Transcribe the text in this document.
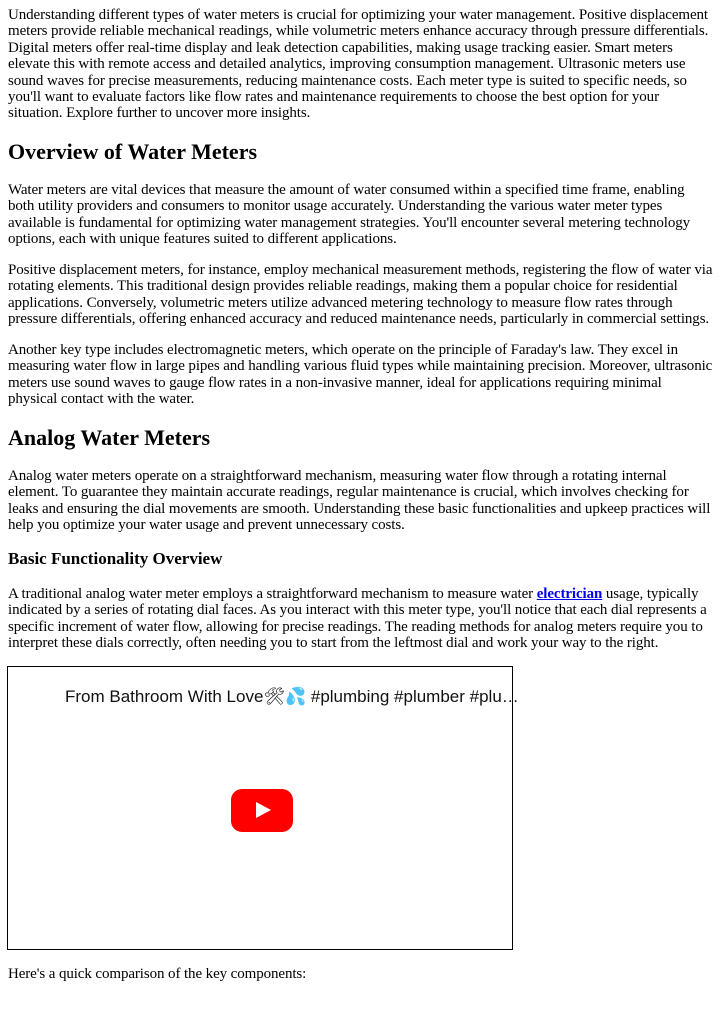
Understanding different types of water meters is crucial for optimizing your water management. Positive displacement meters provide reliable mechanical readings, while volumetric meters enhance accuracy through pressure differentials. Digital meters offer real-time display and leak detection capabilities, making usage tracking easier. Smart meters elevate this with remote access and detailed analytics, improving consumption management. Ultrasonic meters use sound waves for precise measurements, reducing maintenance costs. Each meter type is suited to specific needs, so you'll want to evaluate factors like flow rates and maintenance requirements to choose the best option for your situation. Explore further to uncover more insights.

Overview of Water Meters

Water meters are vital devices that measure the amount of water consumed within a specified time frame, enabling both utility providers and consumers to monitor usage accurately. Understanding the various water meter types available is fundamental for optimizing water management strategies. You'll encounter several metering technology options, each with unique features suited to different applications.

Positive displacement meters, for instance, employ mechanical measurement methods, registering the flow of water via rotating elements. This traditional design provides reliable readings, making them a popular choice for residential applications. Conversely, volumetric meters utilize advanced metering technology to measure flow rates through pressure differentials, offering enhanced accuracy and reduced maintenance needs, particularly in commercial settings.

Another key type includes electromagnetic meters, which operate on the principle of Faraday's law. They excel in measuring water flow in large pipes and handling various fluid types while maintaining precision. Moreover, ultrasonic meters use sound waves to gauge flow rates in a non-invasive manner, ideal for applications requiring minimal physical contact with the water.

Analog Water Meters

Analog water meters operate on a straightforward mechanism, measuring water flow through a rotating internal element. To guarantee they maintain accurate readings, regular maintenance is crucial, which involves checking for leaks and ensuring the dial movements are smooth. Understanding these basic functionalities and upkeep practices will help you optimize your water usage and prevent unnecessary costs.

Basic Functionality Overview

A traditional analog water meter employs a straightforward mechanism to measure water electrician usage, typically indicated by a series of rotating dial faces. As you interact with this meter type, you'll notice that each dial represents a specific increment of water flow, allowing for precise readings. The reading methods for analog meters require you to interpret these dials correctly, often needing you to start from the leftmost dial and work your way to the right.

From Bathroom With Love🛠💦 #plumbing #plumber #plu…

Here's a quick comparison of the key components:
